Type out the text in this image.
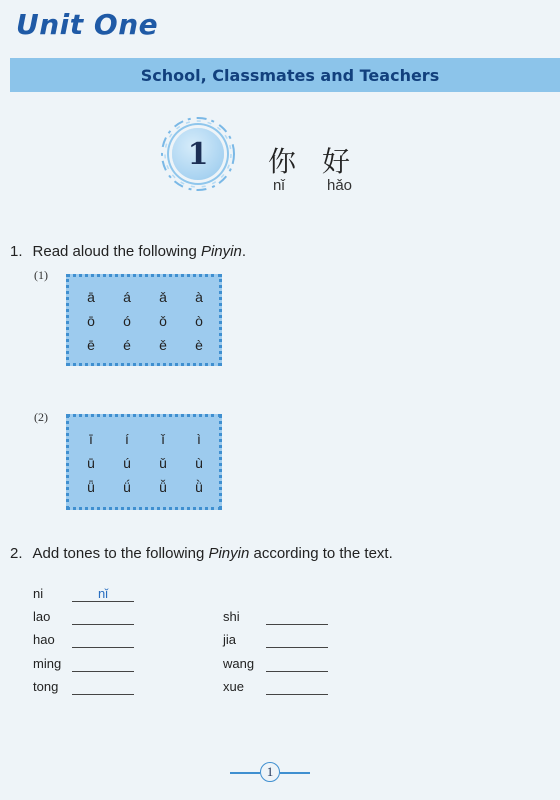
Unit One
School, Classmates and Teachers
1 你 好
nǐ	hǎo
1. Read aloud the following Pinyin.
(1)
ā	á	ǎ	à
ō	ó	ǒ	ò
ē	é	ě	è
(2)
ī	í	ǐ	ì
ū	ú	ǔ	ù
ǖ	ǘ	ǚ	ǜ
2. Add tones to the following Pinyin according to the text.
ni	nǐ
lao
hao
ming
tong
shi
jia
wang
xue
1
